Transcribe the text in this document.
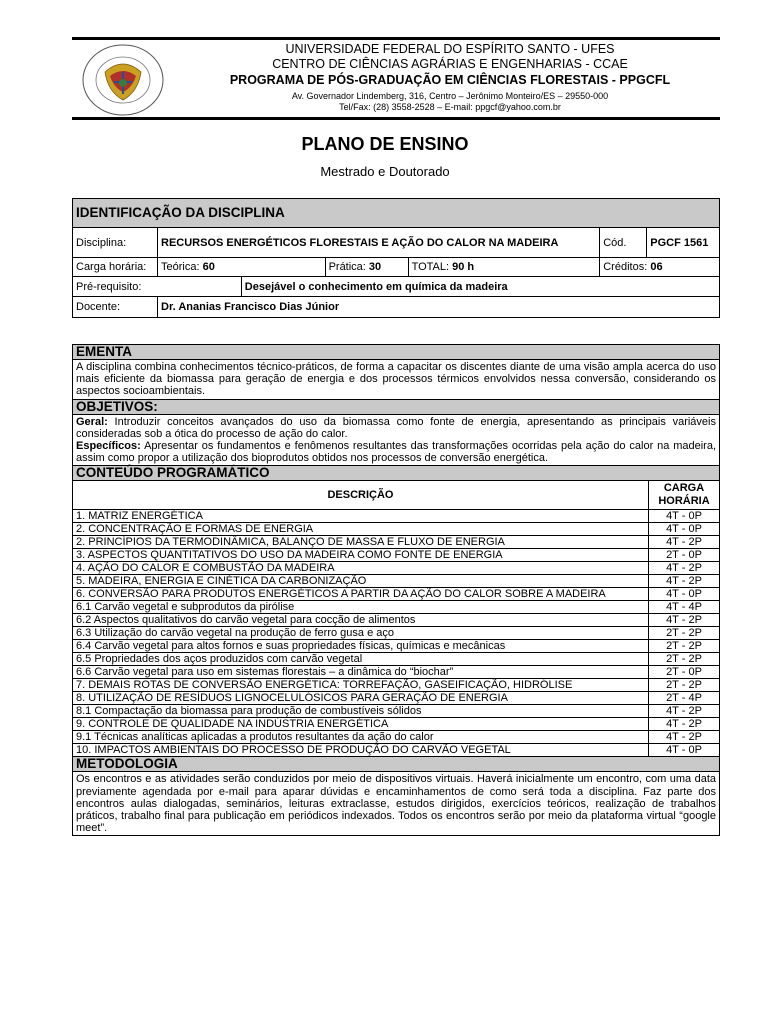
UNIVERSIDADE FEDERAL DO ESPÍRITO SANTO - UFES
CENTRO DE CIÊNCIAS AGRÁRIAS E ENGENHARIAS - CCAE
PROGRAMA DE PÓS-GRADUAÇÃO EM CIÊNCIAS FLORESTAIS - PPGCFL
Av. Governador Lindemberg, 316, Centro – Jerônimo Monteiro/ES – 29550-000
Tel/Fax: (28) 3558-2528 – E-mail: ppgcf@yahoo.com.br
PLANO DE ENSINO
Mestrado e Doutorado
IDENTIFICAÇÃO DA DISCIPLINA						
Disciplina:	RECURSOS ENERGÉTICOS FLORESTAIS E AÇÃO DO CALOR NA MADEIRA				Cód.	PGCF 1561
Carga horária:	Teórica: 60		Prática: 30	TOTAL: 90 h	Créditos: 06	
Pré-requisito:		Desejável o conhecimento em química da madeira				
Docente:	Dr. Ananias Francisco Dias Júnior					
EMENTA	
A disciplina combina conhecimentos técnico-práticos, de forma a capacitar os discentes diante de uma visão ampla acerca do uso mais eficiente da biomassa para geração de energia e dos processos térmicos envolvidos nessa conversão, considerando os aspectos socioambientais.	
OBJETIVOS:	
Geral: Introduzir conceitos avançados do uso da biomassa como fonte de energia, apresentando as principais variáveis consideradas sob a ótica do processo de ação do calor.
Específicos: Apresentar os fundamentos e fenômenos resultantes das transformações ocorridas pela ação do calor na madeira, assim como propor a utilização dos bioprodutos obtidos nos processos de conversão energética.	
CONTEÚDO PROGRAMÁTICO	
DESCRIÇÃO	CARGA HORÁRIA
1. MATRIZ ENERGÉTICA	4T - 0P
2. CONCENTRAÇÃO E FORMAS DE ENERGIA	4T - 0P
2. PRINCÍPIOS DA TERMODINÂMICA, BALANÇO DE MASSA E FLUXO DE ENERGIA	4T - 2P
3. ASPECTOS QUANTITATIVOS DO USO DA MADEIRA COMO FONTE DE ENERGIA	2T - 0P
4. AÇÃO DO CALOR E COMBUSTÃO DA MADEIRA	4T - 2P
5. MADEIRA, ENERGIA E CINÉTICA DA CARBONIZAÇÃO	4T - 2P
6. CONVERSÃO PARA PRODUTOS ENERGÉTICOS A PARTIR DA AÇÃO DO CALOR SOBRE A MADEIRA	4T - 0P
6.1 Carvão vegetal e subprodutos da pirólise	4T - 4P
6.2 Aspectos qualitativos do carvão vegetal para cocção de alimentos	4T - 2P
6.3 Utilização do carvão vegetal na produção de ferro gusa e aço	2T - 2P
6.4 Carvão vegetal para altos fornos e suas propriedades físicas, químicas e mecânicas	2T - 2P
6.5 Propriedades dos aços produzidos com carvão vegetal	2T - 2P
6.6 Carvão vegetal para uso em sistemas florestais – a dinâmica do “biochar”	2T - 0P
7. DEMAIS ROTAS DE CONVERSÃO ENERGÉTICA: TORREFAÇÃO, GASEIFICAÇÃO, HIDRÓLISE	2T - 2P
8. UTILIZAÇÃO DE RESÍDUOS LIGNOCELULÓSICOS PARA GERAÇÃO DE ENERGIA	2T - 4P
8.1 Compactação da biomassa para produção de combustíveis sólidos	4T - 2P
9. CONTROLE DE QUALIDADE NA INDÚSTRIA ENERGÉTICA	4T - 2P
9.1 Técnicas analíticas aplicadas a produtos resultantes da ação do calor	4T - 2P
10. IMPACTOS AMBIENTAIS DO PROCESSO DE PRODUÇÃO DO CARVÃO VEGETAL	4T - 0P
METODOLOGIA	
Os encontros e as atividades serão conduzidos por meio de dispositivos virtuais. Haverá inicialmente um encontro, com uma data previamente agendada por e-mail para aparar dúvidas e encaminhamentos de como será toda a disciplina. Faz parte dos encontros aulas dialogadas, seminários, leituras extraclasse, estudos dirigidos, exercícios teóricos, realização de trabalhos práticos, trabalho final para publicação em periódicos indexados. Todos os encontros serão por meio da plataforma virtual “google meet”.	
